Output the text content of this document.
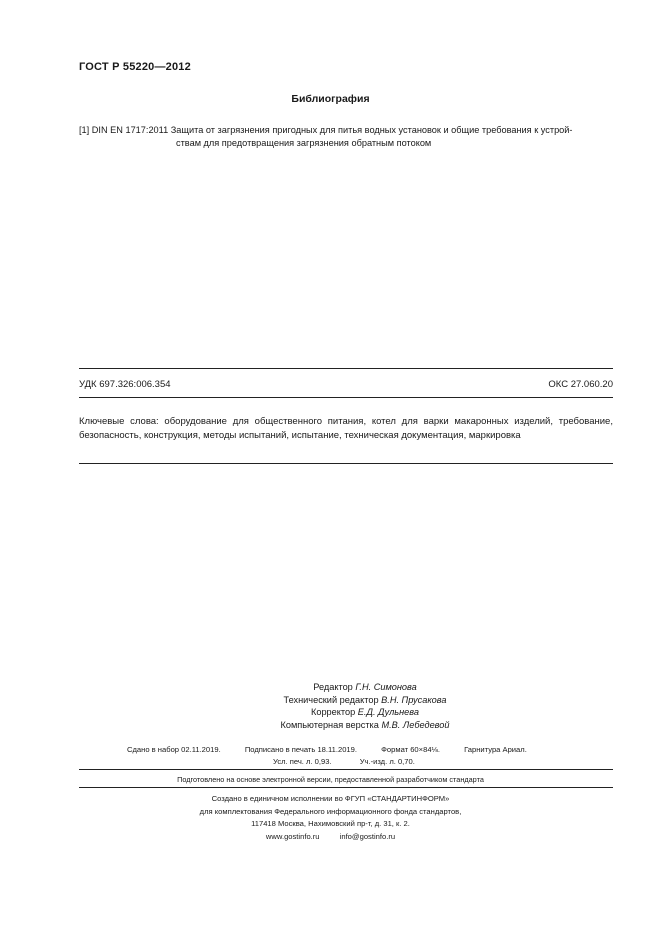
ГОСТ Р 55220—2012
Библиография
[1] DIN EN 1717:2011 Защита от загрязнения пригодных для питья водных установок и общие требования к устрой-
ствам для предотвращения загрязнения обратным потоком
УДК 697.326:006.354	ОКС 27.060.20
Ключевые слова: оборудование для общественного питания, котел для варки макаронных изделий, требование, безопасность, конструкция, методы испытаний, испытание, техническая документация, маркировка
Редактор Г.Н. Симонова
Технический редактор В.Н. Прусакова
Корректор Е.Д. Дульнева
Компьютерная верстка М.В. Лебедевой
Сдано в набор 02.11.2019.	Подписано в печать 18.11.2019.	Формат 60×84⅛.	Гарнитура Ариал.
Усл. печ. л. 0,93.	Уч.-изд. л. 0,70.
Подготовлено на основе электронной версии, предоставленной разработчиком стандарта
Создано в единичном исполнении во ФГУП «СТАНДАРТИНФОРМ»
для комплектования Федерального информационного фонда стандартов,
117418 Москва, Нахимовский пр-т, д. 31, к. 2.
www.gostinfo.ru	info@gostinfo.ru
